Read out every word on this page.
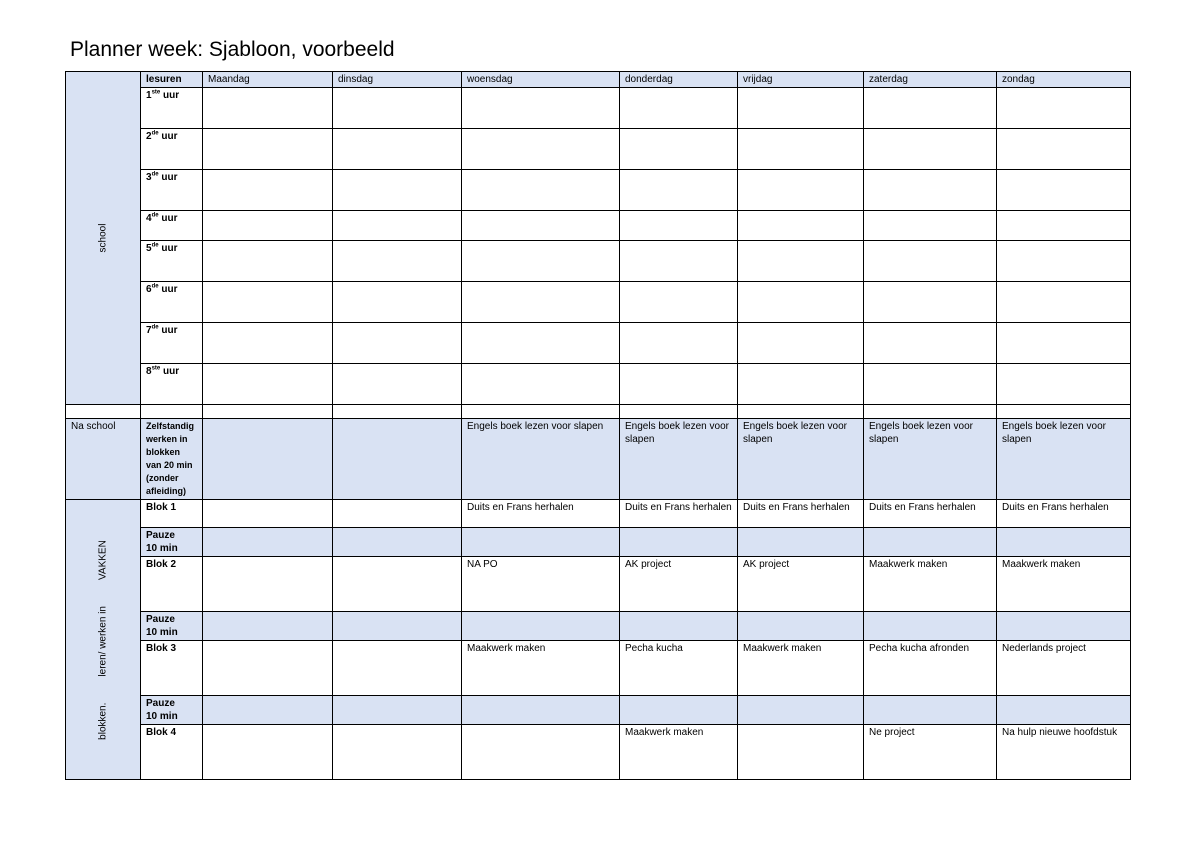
Planner week: Sjabloon, voorbeeld
school	lesuren	Maandag	dinsdag	woensdag	donderdag	vrijdag	zaterdag	zondag
	1ste uur							
	2de uur							
	3de uur							
	4de uur							
	5de uur							
	6de uur							
	7de uur							
	8ste uur							

Na school	Zelfstandig werken in blokken van 20 min (zonder afleiding)			Engels boek lezen voor slapen	Engels boek lezen voor slapen	Engels boek lezen voor slapen	Engels boek lezen voor slapen	Engels boek lezen voor slapen

blokken.
leren/ werken in
VAKKEN	Blok 1			Duits en Frans herhalen	Duits en Frans herhalen	Duits en Frans herhalen	Duits en Frans herhalen	Duits en Frans herhalen
	Pauze
10 min							
	Blok 2			NA PO	AK project	AK project	Maakwerk maken	Maakwerk maken
	Pauze
10 min							
	Blok 3			Maakwerk maken	Pecha kucha	Maakwerk maken	Pecha kucha afronden	Nederlands project
	Pauze
10 min							
	Blok 4				Maakwerk maken		Ne project	Na hulp nieuwe hoofdstuk
